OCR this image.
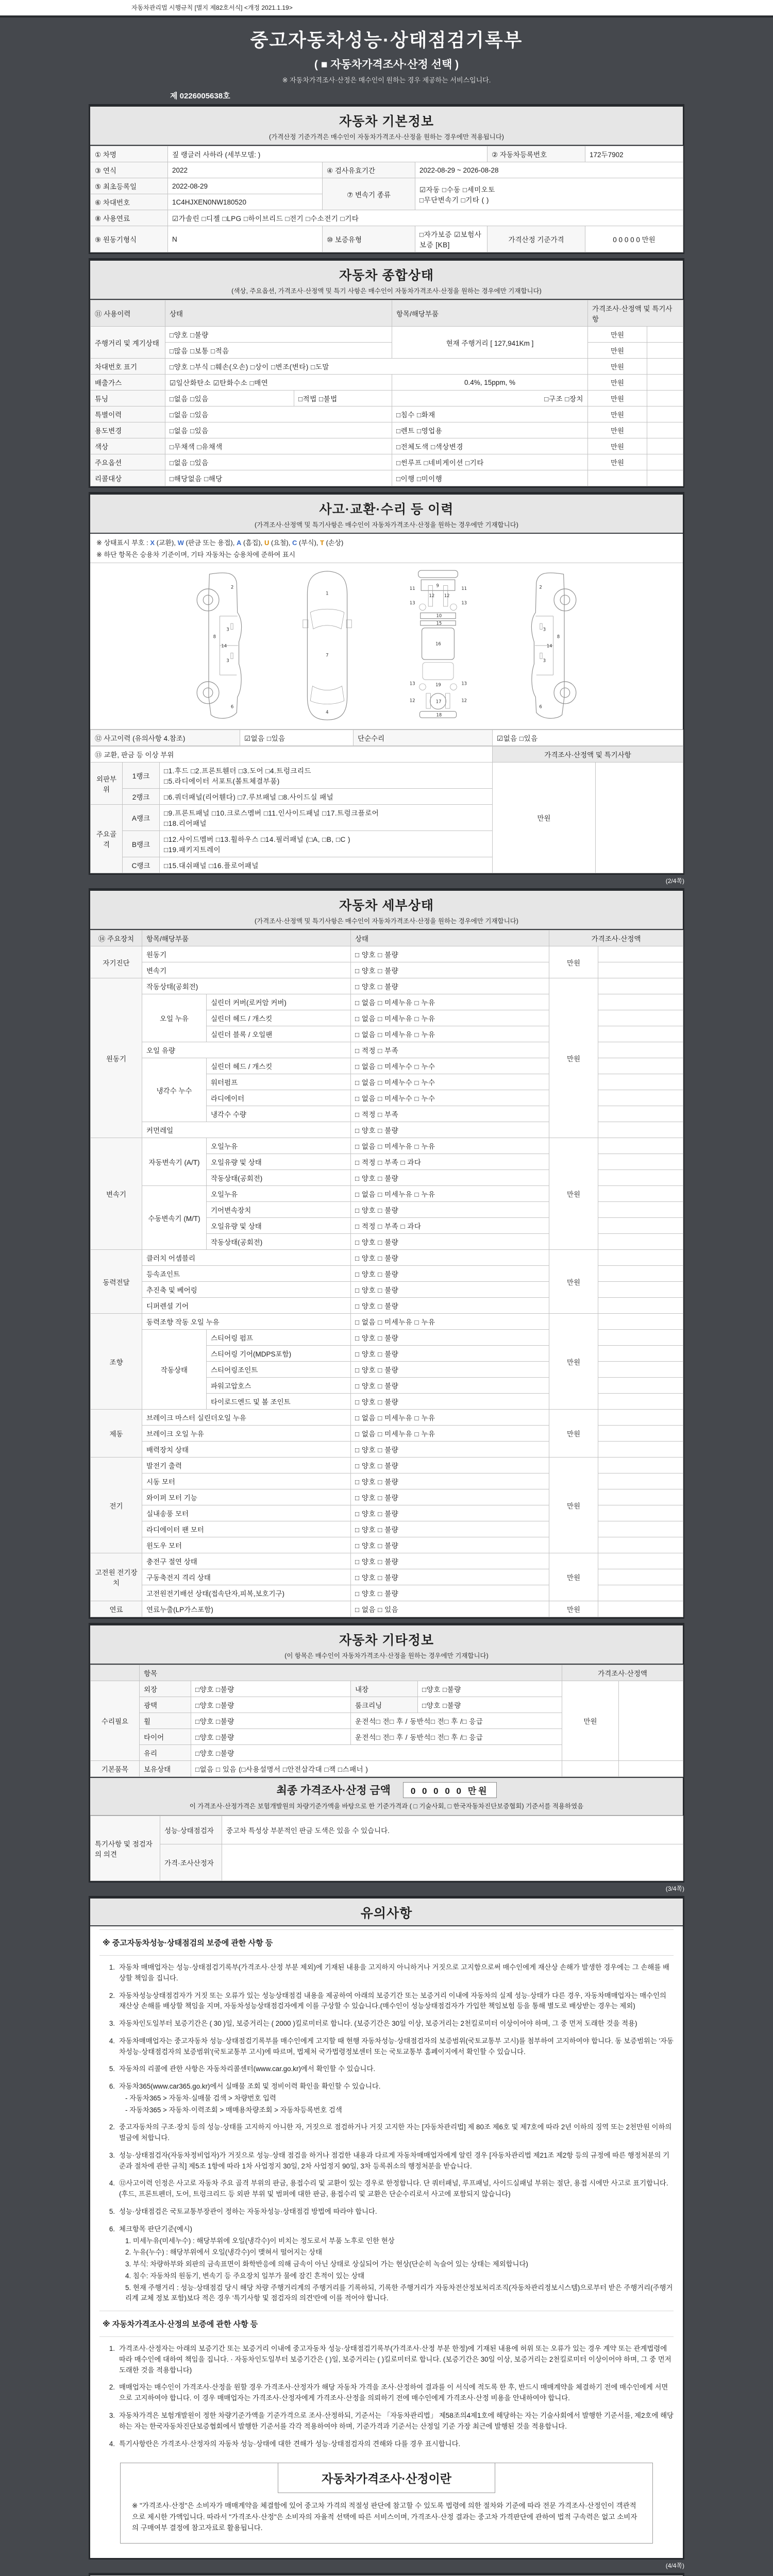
자동차관리법 시행규칙 [별지 제82호서식] <개정 2021.1.19>
중고자동차성능·상태점검기록부
( ■ 자동차가격조사·산정 선택 )
※ 자동차가격조사·산정은 매수인이 원하는 경우 제공하는 서비스입니다.
제 0226005638호
자동차 기본정보
(가격산정 기준가격은 매수인이 자동차가격조사·산정을 원하는 경우에만 적용됩니다)
① 차명	짚 랭글러 사하라 (세부모델: )			② 자동차등록번호	172두7902
③ 연식	2022	④ 검사유효기간	2022-08-29 ~ 2026-08-28		
⑤ 최초등록일	2022-08-29	⑦ 변속기 종류	☑자동 □수동 □세미오토
□무단변속기 □기타 ( )		

⑥ 차대번호	1C4HJXEN0NW180520				
⑧ 사용연료	☑가솔린 □디젤 □LPG □하이브리드 □전기 □수소전기 □기타				
⑨ 원동기형식	N	⑩ 보증유형	□자가보증 ☑보험사보증 [KB]	가격산정 기준가격	0 0 0 0 0 만원
자동차 종합상태
(색상, 주요옵션, 가격조사·산정액 및 특기 사항은 매수인이 자동차가격조사·산정을 원하는 경우에만 기재합니다)
⑪ 사용이력	상태		항목/해당부품	가격조사·산정액 및 특기사항	
주행거리 및 계기상태	□양호 □불량		현재 주행거리 [ 127,941Km ]	만원	
	□많음 □보통 □적음			만원	
차대번호 표기	□양호 □부식 □훼손(오손) □상이 □변조(변타) □도말			만원	
배출가스	☑일산화탄소 ☑탄화수소 □매연		0.4%, 15ppm, %	만원	
튜닝	□없음 □있음	□적법 □불법	□구조 □장치	만원	
특별이력	□없음 □있음		□침수 □화재	만원	
용도변경	□없음 □있음		□렌트 □영업용	만원	
색상	□무채색 □유채색		□전체도색 □색상변경	만원	
주요옵션	□없음 □있음		□썬루프 □네비게이션 □기타	만원	
리콜대상	□해당없음 □해당		□이행 □미이행		
사고·교환·수리 등 이력
(가격조사·산정액 및 특기사항은 매수인이 자동차가격조사·산정을 원하는 경우에만 기재합니다)
※ 상태표시 부호 : X (교환), W (판금 또는 용접), A (흠집), U (요철), C (부식), T (손상)
※ 하단 항목은 승용차 기준이며, 기타 자동차는 승용차에 준하여 표시
2
8
3
14
3
6
1
7
4
9
11	11
13	13
12 12
10
15
16
13	19	13
12	17	12
18
2
3
8
14
3
6
⑫ 사고이력 (유의사항 4.참조)	☑없음 □있음	단순수리	☑없음 □있음
⑬ 교환, 판금 등 이상 부위			가격조사·산정액 및 특기사항	
외판부위	1랭크	□1.후드 □2.프론트휀더 □3.도어 □4.트렁크리드
□5.라디에이터 서포트(볼트체결부품)	만원	
	2랭크	□6.쿼더패널(리어휀다) □7.루브패널 □8.사이드실 패널		
주요골격	A랭크	□9.프론트패널 □10.크로스멤버 □11.인사이드패널 □17.트렁크플로어
□18.리어패널		

	B랭크	□12.사이드멤버 □13.휠하우스 □14.필러패널 (□A, □B, □C )
□19.패키지트레이		

	C랭크	□15.대쉬패널 □16.플로어패널		
(2/4쪽)
자동차 세부상태
(가격조사·산정액 및 특기사항은 매수인이 자동차가격조사·산정을 원하는 경우에만 기재합니다)
⑭ 주요장치	항목/해당부품		상태	가격조사·산정액	
자기진단	원동기		□ 양호 □ 불량	만원	
	변속기		□ 양호 □ 불량		
원동기	작동상태(공회전)		□ 양호 □ 불량	만원	
	오일 누유	실린더 커버(로커암 커버)	□ 없음 □ 미세누유 □ 누유		
		실린더 헤드 / 개스킷	□ 없음 □ 미세누유 □ 누유		
		실린더 블록 / 오일팬	□ 없음 □ 미세누유 □ 누유		
	오일 유량		□ 적정 □ 부족		
	냉각수 누수	실린더 헤드 / 개스킷	□ 없음 □ 미세누수 □ 누수		
		워터펌프	□ 없음 □ 미세누수 □ 누수		
		라디에이터	□ 없음 □ 미세누수 □ 누수		
		냉각수 수량	□ 적정 □ 부족		
	커먼레일		□ 양호 □ 불량		
변속기	자동변속기 (A/T)	오일누유	□ 없음 □ 미세누유 □ 누유	만원	
		오일유량 및 상태	□ 적정 □ 부족 □ 과다		
		작동상태(공회전)	□ 양호 □ 불량		
	수동변속기 (M/T)	오일누유	□ 없음 □ 미세누유 □ 누유		
		기어변속장치	□ 양호 □ 불량		
		오일유량 및 상태	□ 적정 □ 부족 □ 과다		
		작동상태(공회전)	□ 양호 □ 불량		
동력전달	클러치 어셈블리		□ 양호 □ 불량	만원	
	등속죠인트		□ 양호 □ 불량		
	추진축 및 베어링		□ 양호 □ 불량		
	디퍼렌셜 기어		□ 양호 □ 불량		
조향	동력조향 작동 오일 누유		□ 없음 □ 미세누유 □ 누유	만원	
	작동상태	스티어링 펌프	□ 양호 □ 불량		
		스티어링 기어(MDPS포함)	□ 양호 □ 불량		
		스티어링조인트	□ 양호 □ 불량		
		파워고압호스	□ 양호 □ 불량		
		타이로드엔드 및 볼 조인트	□ 양호 □ 불량		
제동	브레이크 마스터 실린더오일 누유		□ 없음 □ 미세누유 □ 누유	만원	
	브레이크 오일 누유		□ 없음 □ 미세누유 □ 누유		
	배력장치 상태		□ 양호 □ 불량		
전기	발전기 출력		□ 양호 □ 불량	만원	
	시동 모터		□ 양호 □ 불량		
	와이퍼 모터 기능		□ 양호 □ 불량		
	실내송풍 모터		□ 양호 □ 불량		
	라디에이터 팬 모터		□ 양호 □ 불량		
	윈도우 모터		□ 양호 □ 불량		
고전원 전기장치	충전구 절연 상태		□ 양호 □ 불량	만원	
	구동축전지 격리 상태		□ 양호 □ 불량		
	고전원전기배선 상태(접속단자,피복,보호기구)		□ 양호 □ 불량		
연료	연료누출(LP가스포함)		□ 없음 □ 있음	만원	
자동차 기타정보
(이 항목은 매수인이 자동차가격조사·산정을 원하는 경우에만 기재합니다)
	항목				가격조사·산정액	
수리필요	외장	□양호 □불량	내장	□양호 □불량	만원	
	광택	□양호 □불량	룸크리닝	□양호 □불량		
	휠	□양호 □불량	운전석□ 전□ 후 / 동반석□ 전□ 후 /□ 응급			
	타이어	□양호 □불량	운전석□ 전□ 후 / 동반석□ 전□ 후 /□ 응급			
	유리	□양호 □불량				
기본품목	보유상태	□없음 □ 있음 (□사용설명서 □안전삼각대 □잭 □스패너 )				
최종 가격조사·산정 금액 0 0 0 0 0 만원
이 가격조사·산정가격은 보험개발원의 차량기준가액을 바탕으로 한 기준가격과 ( □ 기술사회, □ 한국자동차진단보증협회) 기준서를 적용하였음
특기사항 및 점검자의 의견	성능·상태점검자	중고차 특성상 부분적인 판금 도색은 있을 수 있습니다.
	가격·조사산정자	
(3/4쪽)
유의사항
※ 중고자동차성능·상태점검의 보증에 관한 사항 등
1. 자동차 매매업자는 성능·상태점검기록부(가격조사·산정 부분 제외)에 기재된 내용을 고지하지 아니하거나 거짓으로 고지함으로써 매수인에게 재산상 손해가 발생한 경우에는 그 손해를 배상할 책임을 집니다.
2. 자동차성능상태점검자가 거짓 또는 오류가 있는 성능상태점검 내용을 제공하여 아래의 보증기간 또는 보증거리 이내에 자동차의 실제 성능·상태가 다른 경우, 자동차매매업자는 매수인의 재산상 손해를 배상할 책임을 지며, 자동차성능상태점검자에게 이를 구상할 수 있습니다.(매수인이 성능상태점검자가 가입한 책임보험 등을 통해 별도로 배상받는 경우는 제외)
3. 자동차인도일부터 보증기간은 ( 30 )일, 보증거리는 ( 2000 )킬로미터로 합니다. (보증기간은 30일 이상, 보증거리는 2천킬로미터 이상이어야 하며, 그 중 먼저 도래한 것을 적용)
4. 자동차매매업자는 중고자동차 성능·상태점검기록부를 매수인에게 고지할 때 현행 자동차성능·상태점검자의 보증범위(국토교통부 고시)를 첨부하여 고지하여야 합니다. 동 보증범위는 '자동차성능·상태점검자의 보증범위'(국토교통부 고시)에 따르며, 법제처 국가법령정보센터 또는 국토교통부 홈페이지에서 확인할 수 있습니다.
5. 자동차의 리콜에 관한 사항은 자동차리콜센터(www.car.go.kr)에서 확인할 수 있습니다.
6. 자동차365(www.car365.go.kr)에서 실매물 조회 및 정비이력 확인을 확인할 수 있습니다.
- 자동차365 > 자동차·실매물 검색 > 차량번호 입력
- 자동차365 > 자동차·이력조회 > 매매용차량조회 > 자동차등록번호 검색
2. 중고자동차의 구조·장치 등의 성능·상태를 고지하지 아니한 자, 거짓으로 점검하거나 거짓 고지한 자는 [자동차관리법] 제 80조 제6호 및 제7호에 따라 2년 이하의 징역 또는 2천만원 이하의 벌금에 처합니다.
3. 성능·상태점검자(자동차정비업자)가 거짓으로 성능·상태 점검을 하거나 점검한 내용과 다르게 자동차매매업자에게 알린 경우 [자동차관리법 제21조 제2항 등의 규정에 따른 행정처분의 기준과 절차에 관한 규칙] 제5조 1항에 따라 1차 사업정지 30일, 2차 사업정지 90일, 3차 등록취소의 행정처분을 받습니다.
4. ⑫사고이력 인정은 사고로 자동차 주요 골격 부위의 판금, 용접수리 및 교환이 있는 경우로 한정합니다. 단 쿼터패널, 루프패널, 사이드실패널 부위는 절단, 용접 시에만 사고로 표기합니다. (후드, 프론트펜더, 도어, 트렁크리드 등 외판 부위 및 범퍼에 대한 판금, 용접수리 및 교환은 단순수리로서 사고에 포함되지 않습니다)
5. 성능·상태점검은 국토교통부장관이 정하는 자동차성능·상태점검 방법에 따라야 합니다.
6. 체크항목 판단기준(예시)
1. 미세누유(미세누수) : 해당부위에 오일(냉각수)이 비치는 정도로서 부품 노후로 인한 현상
2. 누유(누수) : 해당부위에서 오일(냉각수)이 맺혀서 떨어지는 상태
3. 부식: 차량하부와 외판의 금속표면이 화학반응에 의해 금속이 아닌 상태로 상실되어 가는 현상(단순히 녹슬어 있는 상태는 제외합니다)
4. 침수: 자동차의 원동기, 변속기 등 주요장치 일부가 물에 잠긴 흔적이 있는 상태
5. 현재 주행거리 : 성능·상태점검 당시 해당 차량 주행거리계의 주행거리를 기록하되, 기록한 주행거리가 자동차전산정보처리조직(자동차관리정보시스템)으로부터 받은 주행거리(주행거리계 교체 정보 포함)보다 적은 경우 '특기사항 및 점검자의 의견'란에 이를 적어야 합니다.
※ 자동차가격조사·산정의 보증에 관한 사항 등
1. 가격조사·산정자는 아래의 보증기간 또는 보증거리 이내에 중고자동차 성능·상태점검기록부(가격조사·산정 부분 한정)에 기재된 내용에 허위 또는 오류가 있는 경우 계약 또는 관계법령에 따라 매수인에 대하여 책임을 집니다. · 자동차인도일부터 보증기간은 ( )일, 보증거리는 ( )킬로미터로 합니다. (보증기간은 30일 이상, 보증거리는 2천킬로미터 이상이어야 하며, 그 중 먼저 도래한 것을 적용합니다)
2. 매매업자는 매수인이 가격조사·산정을 원할 경우 가격조사·산정자가 해당 자동차 가격을 조사·산정하여 결과를 이 서식에 적도록 한 후, 반드시 매매계약을 체결하기 전에 매수인에게 서면으로 고지하여야 합니다. 이 경우 매매업자는 가격조사·산정자에게 가격조사·산정을 의뢰하기 전에 매수인에게 가격조사·산정 비용을 안내하여야 합니다.
3. 자동차가격은 보험개발원이 정한 차량기준가액을 기준가격으로 조사·산정하되, 기준서는 「자동차관리법」 제58조의4제1호에 해당하는 자는 기술사회에서 발행한 기준서를, 제2호에 해당하는 자는 한국자동차진단보증협회에서 발행한 기준서를 각각 적용하여야 하며, 기준가격과 기준서는 산정일 기준 가장 최근에 발행된 것을 적용합니다.
4. 특기사항란은 가격조사·산정자의 자동차 성능·상태에 대한 견해가 성능·상태점검자의 견해와 다를 경우 표시합니다.
자동차가격조사·산정이란
※ "가격조사·산정"은 소비자가 매매계약을 체결함에 있어 중고차 가격의 적절성 판단에 참고할 수 있도록 법령에 의한 절차와 기준에 따라 전문 가격조사·산정인이 객관적으로 제시한 가액입니다. 따라서 "가격조사·산정"은 소비자의 자율적 선택에 따른 서비스이며, 가격조사·산정 결과는 중고차 가격판단에 관하여 법적 구속력은 없고 소비자의 구매여부 결정에 참고자료로 활용됩니다.
(4/4쪽)
